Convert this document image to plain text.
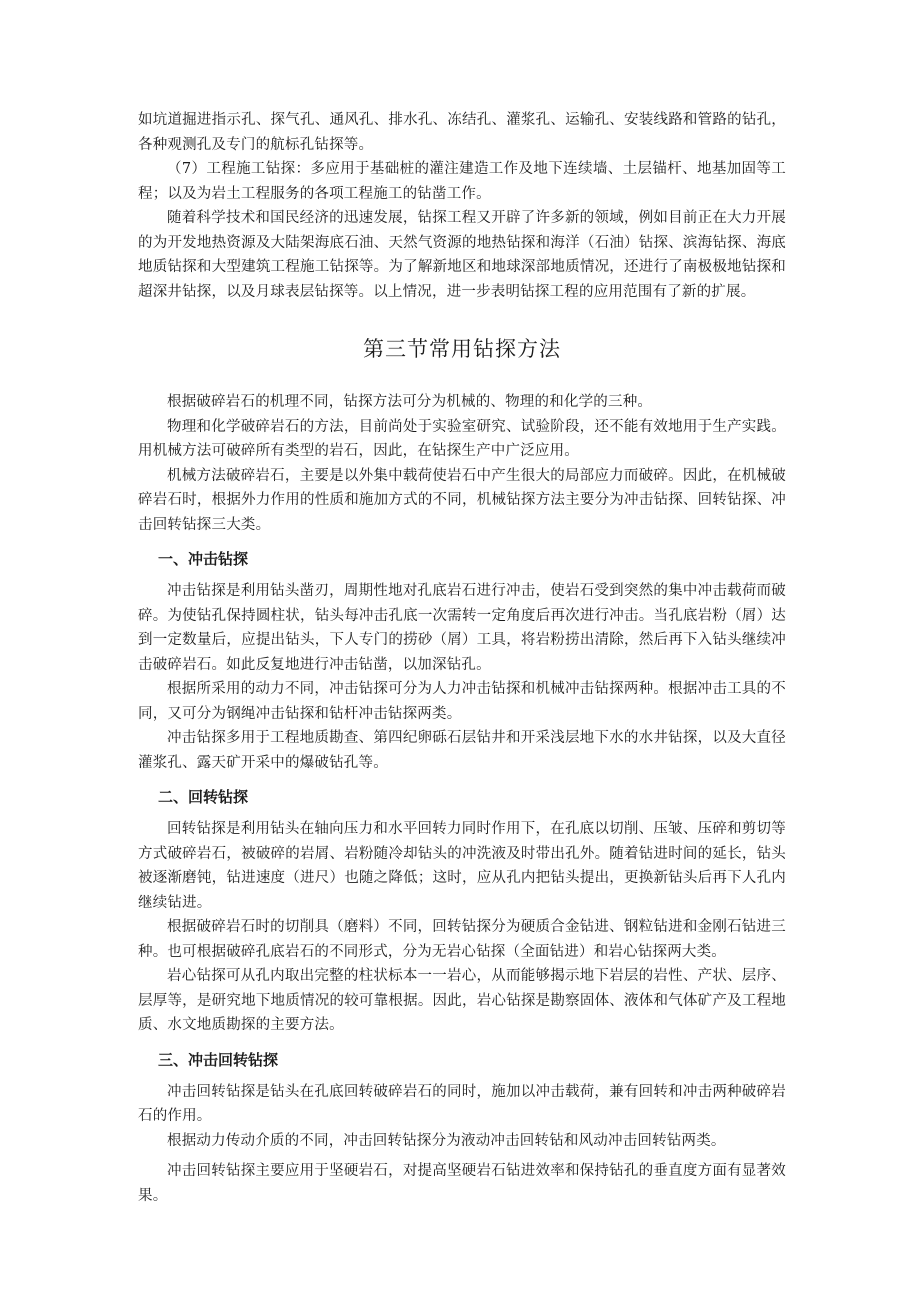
如坑道掘进指示孔、探气孔、通风孔、排水孔、冻结孔、灌浆孔、运输孔、安装线路和管路的钻孔，各种观测孔及专门的航标孔钻探等。

（7）工程施工钻探：多应用于基础桩的灌注建造工作及地下连续墙、土层锚杆、地基加固等工程；以及为岩土工程服务的各项工程施工的钻凿工作。

随着科学技术和国民经济的迅速发展，钻探工程又开辟了许多新的领域，例如目前正在大力开展的为开发地热资源及大陆架海底石油、天然气资源的地热钻探和海洋（石油）钻探、滨海钻探、海底地质钻探和大型建筑工程施工钻探等。为了解新地区和地球深部地质情况，还进行了南极极地钻探和超深井钻探，以及月球表层钻探等。以上情况，进一步表明钻探工程的应用范围有了新的扩展。

第三节常用钻探方法

根据破碎岩石的机理不同，钻探方法可分为机械的、物理的和化学的三种。

物理和化学破碎岩石的方法，目前尚处于实验室研究、试验阶段，还不能有效地用于生产实践。用机械方法可破碎所有类型的岩石，因此，在钻探生产中广泛应用。

机械方法破碎岩石，主要是以外集中载荷使岩石中产生很大的局部应力而破碎。因此，在机械破碎岩石时，根据外力作用的性质和施加方式的不同，机械钻探方法主要分为冲击钻探、回转钻探、冲击回转钻探三大类。

一、冲击钻探

冲击钻探是利用钻头凿刃，周期性地对孔底岩石进行冲击，使岩石受到突然的集中冲击载荷而破碎。为使钻孔保持圆柱状，钻头每冲击孔底一次需转一定角度后再次进行冲击。当孔底岩粉（屑）达到一定数量后，应提出钻头，下人专门的捞砂（屑）工具，将岩粉捞出清除，然后再下入钻头继续冲击破碎岩石。如此反复地进行冲击钻凿，以加深钻孔。

根据所采用的动力不同，冲击钻探可分为人力冲击钻探和机械冲击钻探两种。根据冲击工具的不同，又可分为钢绳冲击钻探和钻杆冲击钻探两类。

冲击钻探多用于工程地质勘查、第四纪卵砾石层钻井和开采浅层地下水的水井钻探，以及大直径灌浆孔、露天矿开采中的爆破钻孔等。

二、回转钻探

回转钻探是利用钻头在轴向压力和水平回转力同时作用下，在孔底以切削、压皱、压碎和剪切等方式破碎岩石，被破碎的岩屑、岩粉随冷却钻头的冲洗液及时带出孔外。随着钻进时间的延长，钻头被逐渐磨钝，钻进速度（进尺）也随之降低；这时，应从孔内把钻头提出，更换新钻头后再下人孔内继续钻进。

根据破碎岩石时的切削具（磨料）不同，回转钻探分为硬质合金钻进、钢粒钻进和金刚石钻进三种。也可根据破碎孔底岩石的不同形式，分为无岩心钻探（全面钻进）和岩心钻探两大类。

岩心钻探可从孔内取出完整的柱状标本一一岩心，从而能够揭示地下岩层的岩性、产状、层序、层厚等，是研究地下地质情况的较可靠根据。因此，岩心钻探是勘察固体、液体和气体矿产及工程地质、水文地质勘探的主要方法。

三、冲击回转钻探

冲击回转钻探是钻头在孔底回转破碎岩石的同时，施加以冲击载荷，兼有回转和冲击两种破碎岩石的作用。

根据动力传动介质的不同，冲击回转钻探分为液动冲击回转钻和风动冲击回转钻两类。

冲击回转钻探主要应用于坚硬岩石，对提高坚硬岩石钻进效率和保持钻孔的垂直度方面有显著效果。
